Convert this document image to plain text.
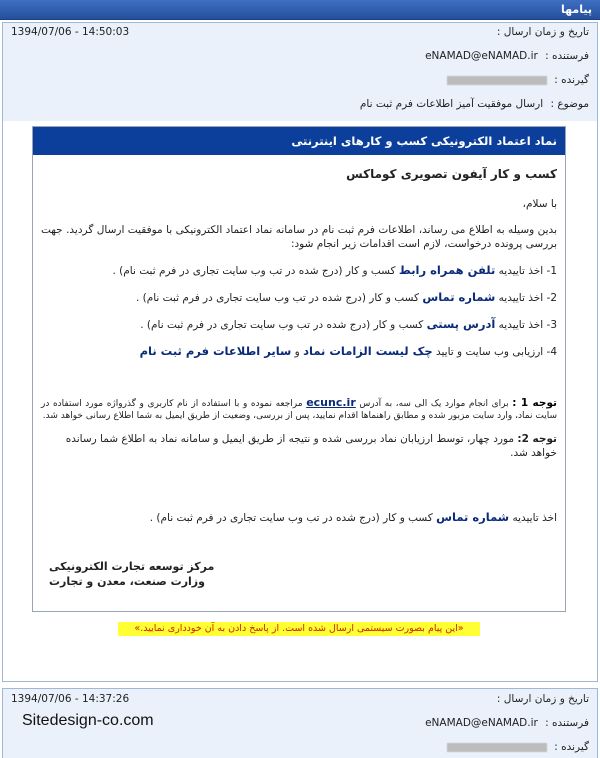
پیامها
تاریخ و زمان ارسال :
1394/07/06 - 14:50:03
فرستنده : eNAMAD@eNAMAD.ir
گیرنده :
موضوع : ارسال موفقیت آمیز اطلاعات فرم ثبت نام
نماد اعتماد الکترونیکی کسب و کارهای اینترنتی
کسب و کار آیفون تصویری کوماکس
با سلام،
بدین وسیله به اطلاع می رساند، اطلاعات فرم ثبت نام در سامانه نماد اعتماد الکترونیکی با موفقیت ارسال گردید. جهت بررسی پرونده درخواست، لازم است اقدامات زیر انجام شود:
1- اخذ تاییدیه تلفن همراه رابط کسب و کار (درج شده در تب وب سایت تجاری در فرم ثبت نام) .
2- اخذ تاییدیه شماره تماس کسب و کار (درج شده در تب وب سایت تجاری در فرم ثبت نام) .
3- اخذ تاییدیه آدرس پستی کسب و کار (درج شده در تب وب سایت تجاری در فرم ثبت نام) .
4- ارزیابی وب سایت و تایید چک لیست الزامات نماد و سایر اطلاعات فرم ثبت نام
توجه 1 : برای انجام موارد یک الی سه، به آدرس ecunc.ir مراجعه نموده و با استفاده از نام کاربری و گذرواژه مورد استفاده در سایت نماد، وارد سایت مزبور شده و مطابق راهنماها اقدام نمایید، پس از بررسی، وضعیت از طریق ایمیل به شما اطلاع رسانی خواهد شد.
توجه 2: مورد چهار، توسط ارزیابان نماد بررسی شده و نتیجه از طریق ایمیل و سامانه نماد به اطلاع شما رسانده خواهد شد.
اخذ تاییدیه شماره تماس کسب و کار (درج شده در تب وب سایت تجاری در فرم ثبت نام) .
مرکز توسعه تجارت الکترونیکی
وزارت صنعت، معدن و تجارت
«این پیام بصورت سیستمی ارسال شده است. از پاسخ دادن به آن خودداری نمایید.»
تاریخ و زمان ارسال :
1394/07/06 - 14:37:26
فرستنده : eNAMAD@eNAMAD.ir
گیرنده :
Sitedesign-co.com
